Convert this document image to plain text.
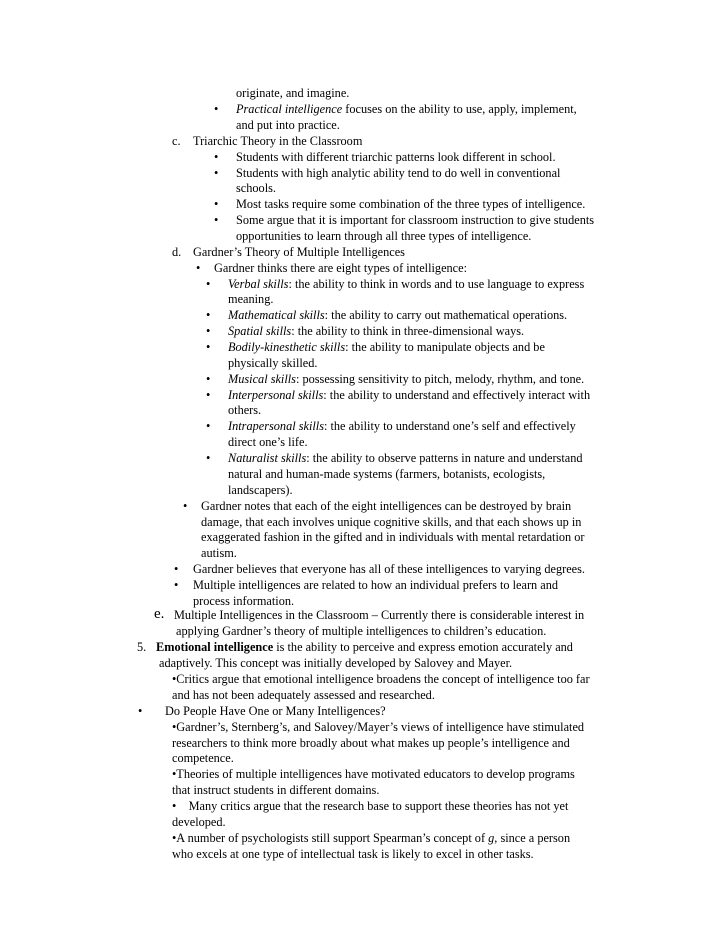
originate, and imagine.
• Practical intelligence focuses on the ability to use, apply, implement,
and put into practice.
c. Triarchic Theory in the Classroom
• Students with different triarchic patterns look different in school.
• Students with high analytic ability tend to do well in conventional
schools.
• Most tasks require some combination of the three types of intelligence.
• Some argue that it is important for classroom instruction to give students
opportunities to learn through all three types of intelligence.
d. Gardner’s Theory of Multiple Intelligences
• Gardner thinks there are eight types of intelligence:
• Verbal skills: the ability to think in words and to use language to express
meaning.
• Mathematical skills: the ability to carry out mathematical operations.
• Spatial skills: the ability to think in three-dimensional ways.
• Bodily-kinesthetic skills: the ability to manipulate objects and be
physically skilled.
• Musical skills: possessing sensitivity to pitch, melody, rhythm, and tone.
• Interpersonal skills: the ability to understand and effectively interact with
others.
• Intrapersonal skills: the ability to understand one’s self and effectively
direct one’s life.
• Naturalist skills: the ability to observe patterns in nature and understand
natural and human-made systems (farmers, botanists, ecologists,
landscapers).
• Gardner notes that each of the eight intelligences can be destroyed by brain
damage, that each involves unique cognitive skills, and that each shows up in
exaggerated fashion in the gifted and in individuals with mental retardation or
autism.
• Gardner believes that everyone has all of these intelligences to varying degrees.
• Multiple intelligences are related to how an individual prefers to learn and
process information.
e. Multiple Intelligences in the Classroom – Currently there is considerable interest in
applying Gardner’s theory of multiple intelligences to children’s education.
5. Emotional intelligence is the ability to perceive and express emotion accurately and
adaptively. This concept was initially developed by Salovey and Mayer.
•Critics argue that emotional intelligence broadens the concept of intelligence too far
and has not been adequately assessed and researched.
• Do People Have One or Many Intelligences?
•Gardner’s, Sternberg’s, and Salovey/Mayer’s views of intelligence have stimulated
researchers to think more broadly about what makes up people’s intelligence and
competence.
•Theories of multiple intelligences have motivated educators to develop programs
that instruct students in different domains.
•    Many critics argue that the research base to support these theories has not yet
developed.
•A number of psychologists still support Spearman’s concept of g, since a person
who excels at one type of intellectual task is likely to excel in other tasks.
